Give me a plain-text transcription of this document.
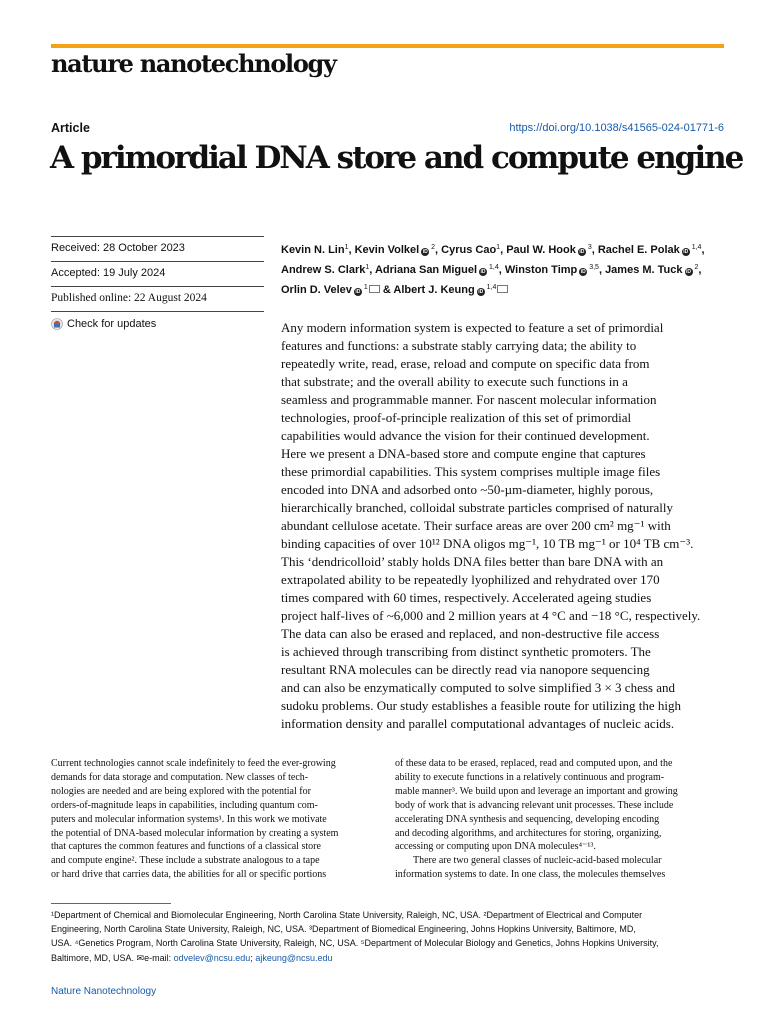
nature nanotechnology
Article	https://doi.org/10.1038/s41565-024-01771-6
A primordial DNA store and compute engine
Received: 28 October 2023
Accepted: 19 July 2024
Published online: 22 August 2024
Check for updates
Kevin N. Lin$^1$, Kevin Volkel iD $^2$, Cyrus Cao$^1$, Paul W. Hook iD $^3$, Rachel E. Polak iD $^{1,4}$,
Andrew S. Clark$^1$, Adriana San Miguel iD $^{1,4}$, Winston Timp iD $^{3,5}$, James M. Tuck iD $^2$,
Orlin D. Velev iD $^1$ & Albert J. Keung iD $^{1,4}$

Any modern information system is expected to feature a set of primordial

features and functions: a substrate stably carrying data; the ability to

repeatedly write, read, erase, reload and compute on specific data from

that substrate; and the overall ability to execute such functions in a

seamless and programmable manner. For nascent molecular information

technologies, proof-of-principle realization of this set of primordial

capabilities would advance the vision for their continued development.

Here we present a DNA-based store and compute engine that captures

these primordial capabilities. This system comprises multiple image files

encoded into DNA and adsorbed onto ~50-µm-diameter, highly porous,

hierarchically branched, colloidal substrate particles comprised of naturally

abundant cellulose acetate. Their surface areas are over 200 cm² mg⁻¹ with

binding capacities of over 10¹² DNA oligos mg⁻¹, 10 TB mg⁻¹ or 10⁴ TB cm⁻³.

This ‘dendricolloid’ stably holds DNA files better than bare DNA with an

extrapolated ability to be repeatedly lyophilized and rehydrated over 170

times compared with 60 times, respectively. Accelerated ageing studies

project half-lives of ~6,000 and 2 million years at 4 °C and −18 °C, respectively.

The data can also be erased and replaced, and non-destructive file access

is achieved through transcribing from distinct synthetic promoters. The

resultant RNA molecules can be directly read via nanopore sequencing

and can also be enzymatically computed to solve simplified 3 × 3 chess and

sudoku problems. Our study establishes a feasible route for utilizing the high

information density and parallel computational advantages of nucleic acids.

Current technologies cannot scale indefinitely to feed the ever-growing

demands for data storage and computation. New classes of tech-

nologies are needed and are being explored with the potential for

orders-of-magnitude leaps in capabilities, including quantum com-

puters and molecular information systems¹. In this work we motivate

the potential of DNA-based molecular information by creating a system

that captures the common features and functions of a classical store

and compute engine². These include a substrate analogous to a tape

or hard drive that carries data, the abilities for all or specific portions

of these data to be erased, replaced, read and computed upon, and the

ability to execute functions in a relatively continuous and program-

mable manner³. We build upon and leverage an important and growing

body of work that is advancing relevant unit processes. These include

accelerating DNA synthesis and sequencing, developing encoding

and decoding algorithms, and architectures for storing, organizing,

accessing or computing upon DNA molecules⁴⁻¹³.

There are two general classes of nucleic-acid-based molecular

information systems to date. In one class, the molecules themselves

¹Department of Chemical and Biomolecular Engineering, North Carolina State University, Raleigh, NC, USA. ²Department of Electrical and Computer

Engineering, North Carolina State University, Raleigh, NC, USA. ³Department of Biomedical Engineering, Johns Hopkins University, Baltimore, MD,

USA. ⁴Genetics Program, North Carolina State University, Raleigh, NC, USA. ⁵Department of Molecular Biology and Genetics, Johns Hopkins University,

Baltimore, MD, USA. ✉e-mail: odvelev@ncsu.edu; ajkeung@ncsu.edu

Nature Nanotechnology
